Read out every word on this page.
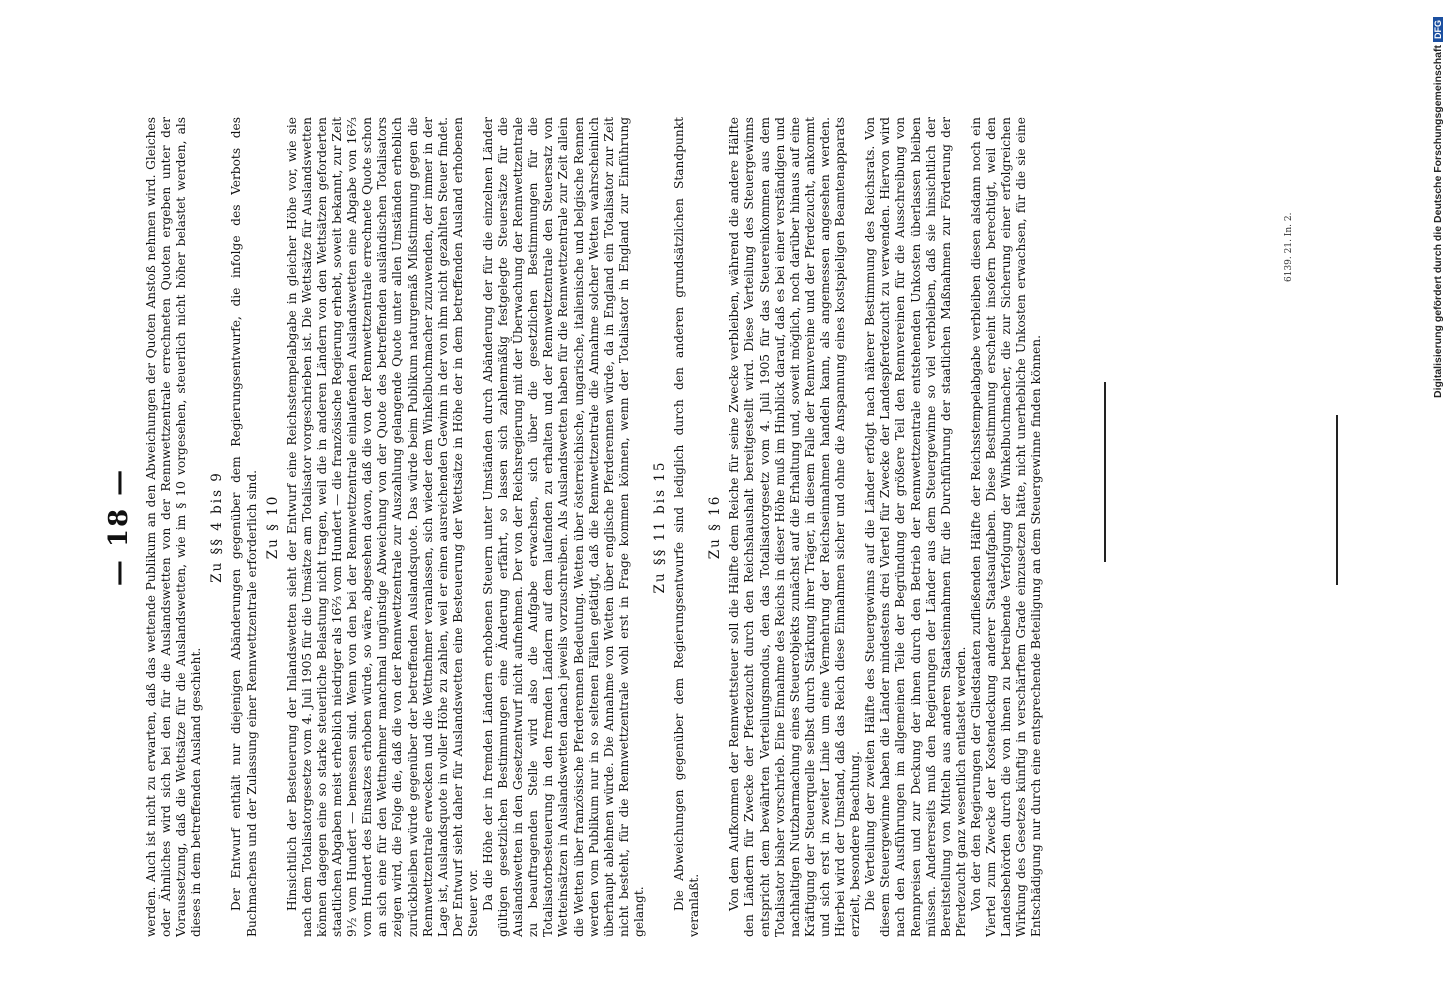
— 18 — werden. Auch ist nicht zu erwarten, daß das wettende Publikum an den Abweichungen der Quoten Anstoß nehmen wird. Gleiches oder Ähnliches wird sich bei den für die Auslandswetten von der Rennwettzentrale errechneten Quoten ergeben unter der Voraussetzung, daß die Wettsätze für die Auslandswetten, wie im § 10 vorgesehen, steuerlich nicht höher belastet werden, als dieses in dem betreffenden Ausland geschieht.

Zu §§ 4 bis 9 Der Entwurf enthält nur diejenigen Abänderungen gegenüber dem Regierungsentwurfe, die infolge des Verbots des Buchmachens und der Zulassung einer Rennwettzentrale erforderlich sind. Zu § 10 Hinsichtlich der Besteuerung der Inlandswetten sieht der Entwurf eine Reichsstempelabgabe in gleicher Höhe vor, wie sie nach dem Totalisatorgesetze vom 4. Juli 1905 für die Umsätze am Totalisator vorgeschrieben ist. Die Wettsätze für Auslandswetten können dagegen eine so starke steuerliche Belastung nicht tragen, weil die in anderen Ländern von den Wettsätzen geforderten staatlichen Abgaben meist erheblich niedriger als 16⅔ vom Hundert — die französische Regierung erhebt, soweit bekannt, zur Zeit 9½ vom Hundert — bemessen sind. Wenn von den bei der Rennwettzentrale einlaufenden Auslandswetten eine Abgabe von 16⅔ vom Hundert des Einsatzes erhoben würde, so wäre, abgesehen davon, daß die von der Rennwettzentrale errechnete Quote schon an sich eine für den Wettnehmer manchmal ungünstige Abweichung von der Quote des betreffenden ausländischen Totalisators zeigen wird, die Folge die, daß die von der Rennwettzentrale zur Auszahlung gelangende Quote unter allen Umständen erheblich zurückbleiben würde gegenüber der betreffenden Auslandsquote. Das würde beim Publikum naturgemäß Mißstimmung gegen die Rennwettzentrale erwecken und die Wettnehmer veranlassen, sich wieder dem Winkelbuchmacher zuzuwenden, der immer in der Lage ist, Auslandsquote in voller Höhe zu zahlen, weil er einen ausreichenden Gewinn in der von ihm nicht gezahlten Steuer findet. Der Entwurf sieht daher für Auslandswetten eine Besteuerung der Wettsätze in Höhe der in dem betreffenden Ausland erhobenen Steuer vor. Da die Höhe der in fremden Ländern erhobenen Steuern unter Umständen durch Abänderung der für die einzelnen Länder gültigen gesetzlichen Bestimmungen eine Änderung erfährt, so lassen sich zahlenmäßig festgelegte Steuersätze für die Auslandswetten in den Gesetzentwurf nicht aufnehmen. Der von der Reichsregierung mit der Überwachung der Rennwettzentrale zu beauftragenden Stelle wird also die Aufgabe erwachsen, sich über die gesetzlichen Bestimmungen für die Totalisatorbesteuerung in den fremden Ländern auf dem laufenden zu erhalten und der Rennwettzentrale den Steuersatz von Wetteinsätzen in Auslandswetten danach jeweils vorzuschreiben. Als Auslandswetten haben für die Rennwettzentrale zur Zeit allein die Wetten über französische Pferderennen Bedeutung. Wetten über österreichische, ungarische, italienische und belgische Rennen werden vom Publikum nur in so seltenen Fällen getätigt, daß die Rennwettzentrale die Annahme solcher Wetten wahrscheinlich überhaupt ablehnen würde. Die Annahme von Wetten über englische Pferderennen würde, da in England ein Totalisator zur Zeit nicht besteht, für die Rennwettzentrale wohl erst in Frage kommen können, wenn der Totalisator in England zur Einführung gelangt.

Zu §§ 11 bis 15 Die Abweichungen gegenüber dem Regierungsentwurfe sind lediglich durch den anderen grundsätzlichen Standpunkt veranlaßt.

Zu § 16 Von dem Aufkommen der Rennwettsteuer soll die Hälfte dem Reiche für seine Zwecke verbleiben, während die andere Hälfte den Ländern für Zwecke der Pferdezucht durch den Reichshaushalt bereitgestellt wird. Diese Verteilung des Steuergewinns entspricht dem bewährten Verteilungsmodus, den das Totalisatorgesetz vom 4. Juli 1905 für das Steuereinkommen aus dem Totalisator bisher vorschrieb. Eine Einnahme des Reichs in dieser Höhe muß im Hinblick darauf, daß es bei einer verständigen und nachhaltigen Nutzbarmachung eines Steuerobjekts zunächst auf die Erhaltung und, soweit möglich, noch darüber hinaus auf eine Kräftigung der Steuerquelle selbst durch Stärkung ihrer Träger, in diesem Falle der Rennvereine und der Pferdezucht, ankommt und sich erst in zweiter Linie um eine Vermehrung der Reichseinnahmen handeln kann, als angemessen angesehen werden. Hierbei wird der Umstand, daß das Reich diese Einnahmen sicher und ohne die Anspannung eines kostspieligen Beamtenapparats erzielt, besondere Beachtung. Die Verteilung der zweiten Hälfte des Steuergewinns auf die Länder erfolgt nach näherer Bestimmung des Reichsrats. Von diesem Steuergewinne haben die Länder mindestens drei Viertel für Zwecke der Landespferdezucht zu verwenden. Hiervon wird nach den Ausführungen im allgemeinen Teile der Begründung der größere Teil den Rennvereinen für die Ausschreibung von Rennpreisen und zur Deckung der ihnen durch den Betrieb der Rennwettzentrale entstehenden Unkosten überlassen bleiben müssen. Andererseits muß den Regierungen der Länder aus dem Steuergewinne so viel verbleiben, daß sie hinsichtlich der Bereitstellung von Mitteln aus anderen Staatseinnahmen für die Durchführung der staatlichen Maßnahmen zur Förderung der Pferdezucht ganz wesentlich entlastet werden. Von der den Regierungen der Gliedstaaten zufließenden Hälfte der Reichsstempelabgabe verbleiben diesen alsdann noch ein Viertel zum Zwecke der Kostendeckung anderer Staatsaufgaben. Diese Bestimmung erscheint insofern berechtigt, weil den Landesbehörden durch die von ihnen zu betreibende Verfolgung der Winkelbuchmacher, die zur Sicherung einer erfolgreichen Wirkung des Gesetzes künftig in verschärftem Grade einzusetzen hätte, nicht unerhebliche Unkosten erwachsen, für die sie eine Entschädigung nur durch eine entsprechende Beteiligung an dem Steuergewinne finden können.

6139. 21. In. 2.	Digitalisierung gefördert durch die Deutsche ForschungsgemeinschaftDFG
